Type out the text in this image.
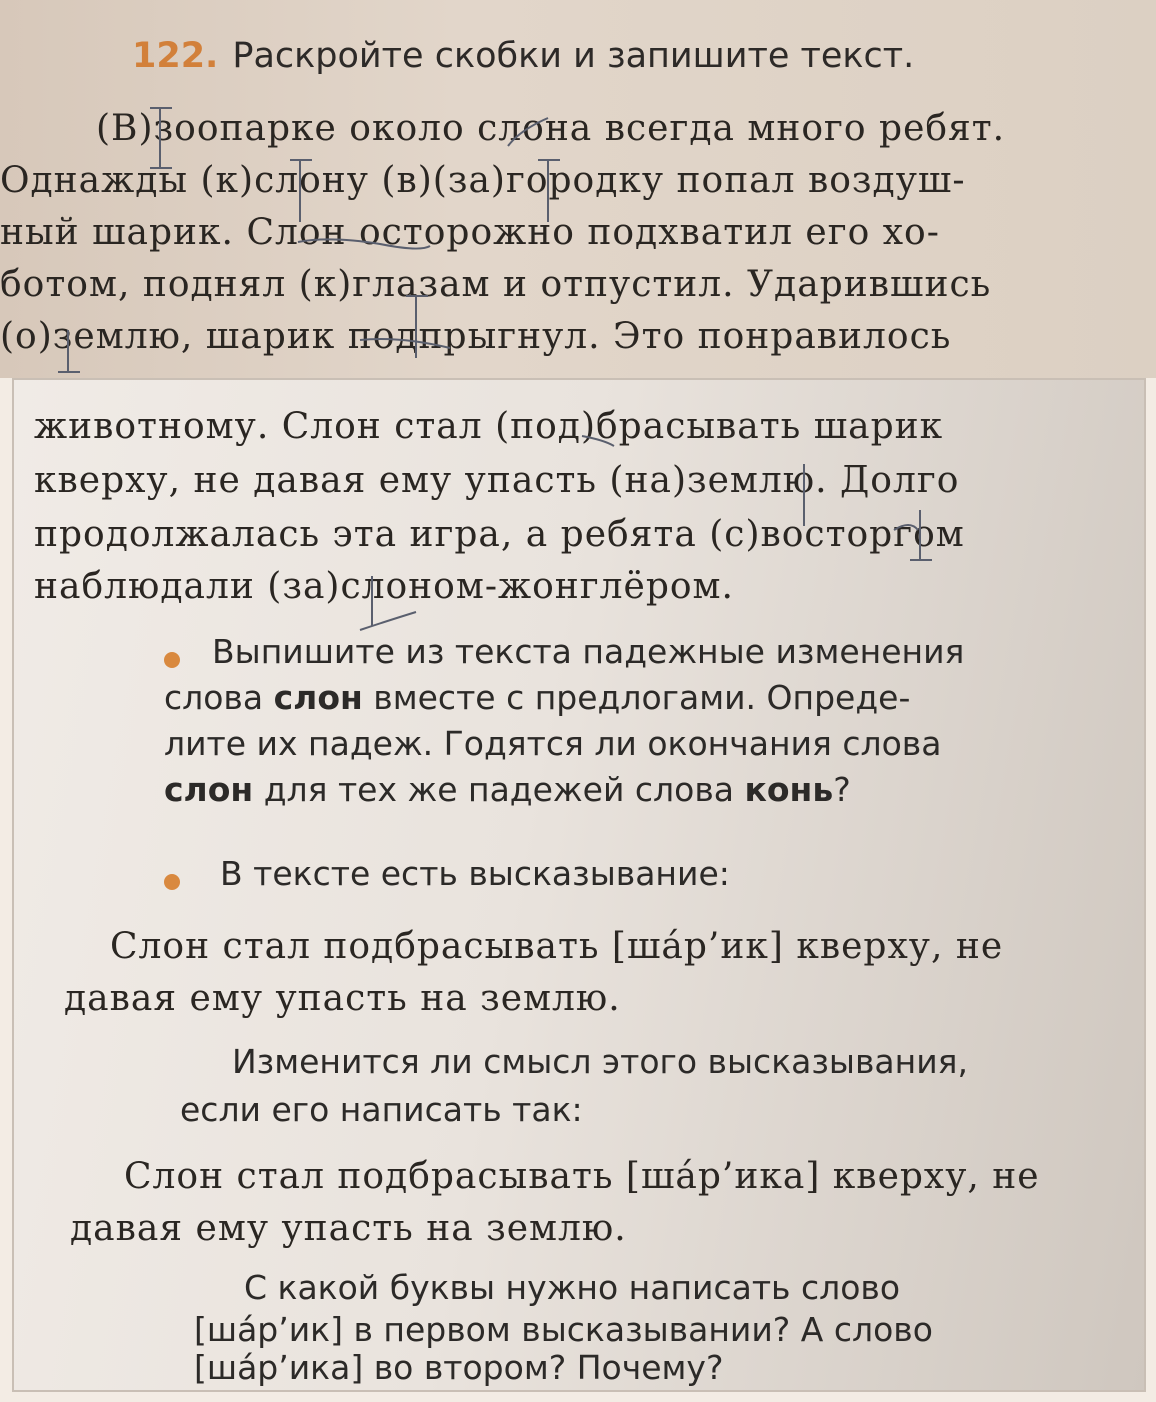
122. Раскройте скобки и запишите текст.
(В)зоопарке около слона всегда много ребят.
Однажды (к)слону (в)(за)городку попал воздуш-
ный шарик. Слон осторожно подхватил его хо-
ботом, поднял (к)глазам и отпустил. Ударившись
(о)землю, шарик подпрыгнул. Это понравилось
животному. Слон стал (под)брасывать шарик
кверху, не давая ему упасть (на)землю. Долго
продолжалась эта игра, а ребята (с)восторгом
наблюдали (за)слоном-жонглёром.
Выпишите из текста падежные изменения
слова слон вместе с предлогами. Опреде-
лите их падеж. Годятся ли окончания слова
слон для тех же падежей слова конь?
В тексте есть высказывание:
Слон стал подбрасывать [ша́р’ик] кверху, не
давая ему упасть на землю.
Изменится ли смысл этого высказывания,
если его написать так:
Слон стал подбрасывать [ша́р’ика] кверху, не
давая ему упасть на землю.
С какой буквы нужно написать слово
[ша́р’ик] в первом высказывании? А слово
[ша́р’ика] во втором? Почему?
